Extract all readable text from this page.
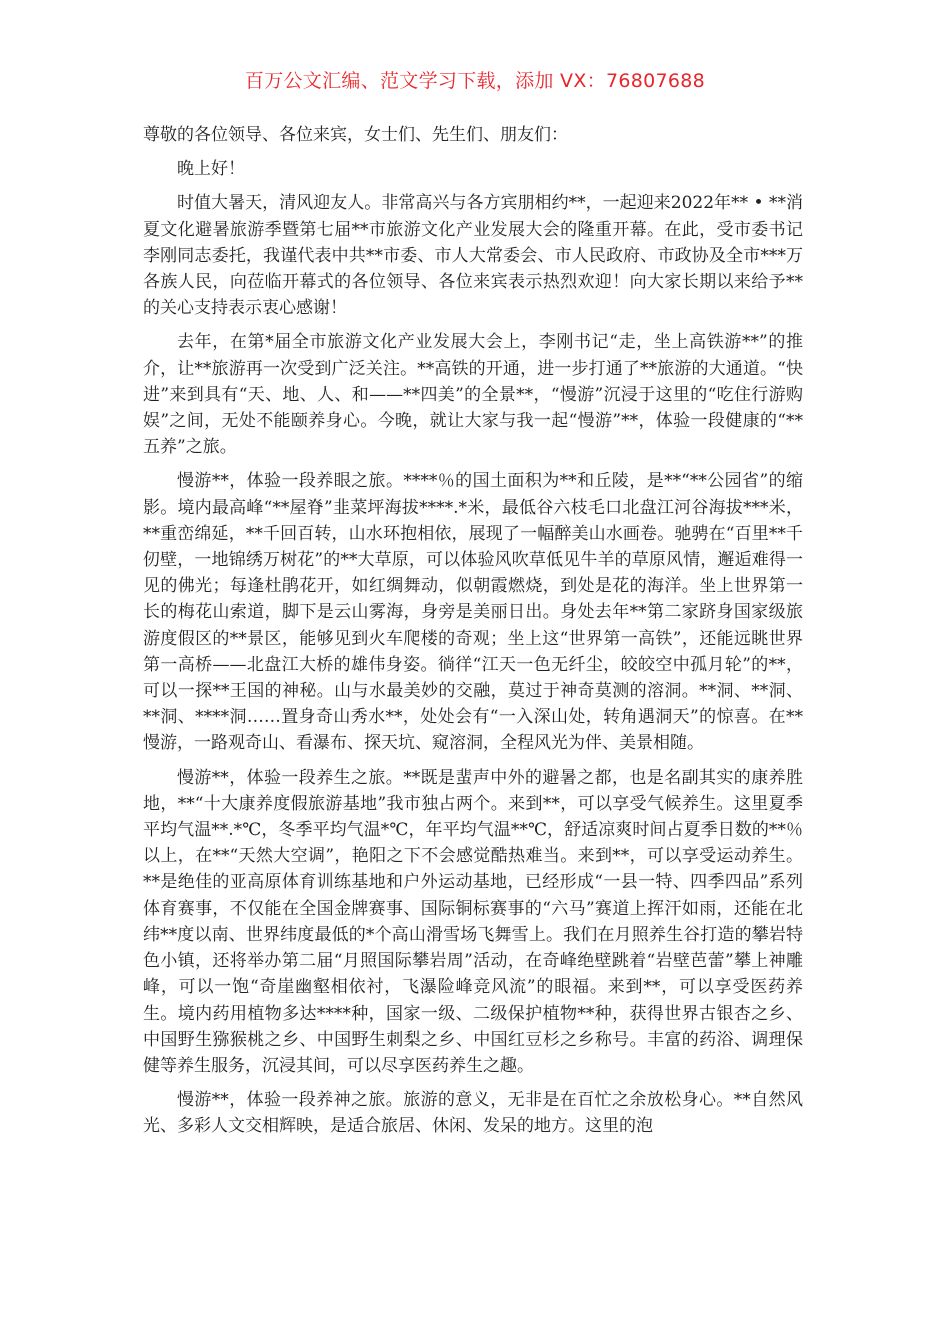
百万公文汇编、范文学习下载，添加 VX：76807688

尊敬的各位领导、各位来宾，女士们、先生们、朋友们：

晚上好！

时值大暑天，清风迎友人。非常高兴与各方宾朋相约**，一起迎来2022年** • **消夏文化避暑旅游季暨第七届**市旅游文化产业发展大会的隆重开幕。在此，受市委书记李刚同志委托，我谨代表中共**市委、市人大常委会、市人民政府、市政协及全市***万各族人民，向莅临开幕式的各位领导、各位来宾表示热烈欢迎！向大家长期以来给予**的关心支持表示衷心感谢！

去年，在第*届全市旅游文化产业发展大会上，李刚书记“走，坐上高铁游**”的推介，让**旅游再一次受到广泛关注。**高铁的开通，进一步打通了**旅游的大通道。“快进”来到具有“天、地、人、和——**四美”的全景**，“慢游”沉浸于这里的“吃住行游购娱”之间，无处不能颐养身心。今晚，就让大家与我一起“慢游”**，体验一段健康的“**五养”之旅。

慢游**，体验一段养眼之旅。****％的国土面积为**和丘陵，是**“**公园省”的缩影。境内最高峰“**屋脊”韭菜坪海拔****.*米，最低谷六枝毛口北盘江河谷海拔***米，**重峦绵延，**千回百转，山水环抱相依，展现了一幅醉美山水画卷。驰骋在“百里**千仞壁，一地锦绣万树花”的**大草原，可以体验风吹草低见牛羊的草原风情，邂逅难得一见的佛光；每逢杜鹃花开，如红绸舞动，似朝霞燃烧，到处是花的海洋。坐上世界第一长的梅花山索道，脚下是云山雾海，身旁是美丽日出。身处去年**第二家跻身国家级旅游度假区的**景区，能够见到火车爬楼的奇观；坐上这“世界第一高铁”，还能远眺世界第一高桥——北盘江大桥的雄伟身姿。徜徉“江天一色无纤尘，皎皎空中孤月轮”的**，可以一探**王国的神秘。山与水最美妙的交融，莫过于神奇莫测的溶洞。**洞、**洞、**洞、****洞……置身奇山秀水**，处处会有“一入深山处，转角遇洞天”的惊喜。在**慢游，一路观奇山、看瀑布、探天坑、窥溶洞，全程风光为伴、美景相随。

慢游**，体验一段养生之旅。**既是蜚声中外的避暑之都，也是名副其实的康养胜地，**“十大康养度假旅游基地”我市独占两个。来到**，可以享受气候养生。这里夏季平均气温**.*℃，冬季平均气温*℃，年平均气温**℃，舒适凉爽时间占夏季日数的**％以上，在**“天然大空调”，艳阳之下不会感觉酷热难当。来到**，可以享受运动养生。**是绝佳的亚高原体育训练基地和户外运动基地，已经形成“一县一特、四季四品”系列体育赛事，不仅能在全国金牌赛事、国际铜标赛事的“六马”赛道上挥汗如雨，还能在北纬**度以南、世界纬度最低的*个高山滑雪场飞舞雪上。我们在月照养生谷打造的攀岩特色小镇，还将举办第二届“月照国际攀岩周”活动，在奇峰绝壁跳着“岩壁芭蕾”攀上神雕峰，可以一饱“奇崖幽壑相依衬，飞瀑险峰竞风流”的眼福。来到**，可以享受医药养生。境内药用植物多达****种，国家一级、二级保护植物**种，获得世界古银杏之乡、中国野生猕猴桃之乡、中国野生刺梨之乡、中国红豆杉之乡称号。丰富的药浴、调理保健等养生服务，沉浸其间，可以尽享医药养生之趣。

慢游**，体验一段养神之旅。旅游的意义，无非是在百忙之余放松身心。**自然风光、多彩人文交相辉映，是适合旅居、休闲、发呆的地方。这里的泡
